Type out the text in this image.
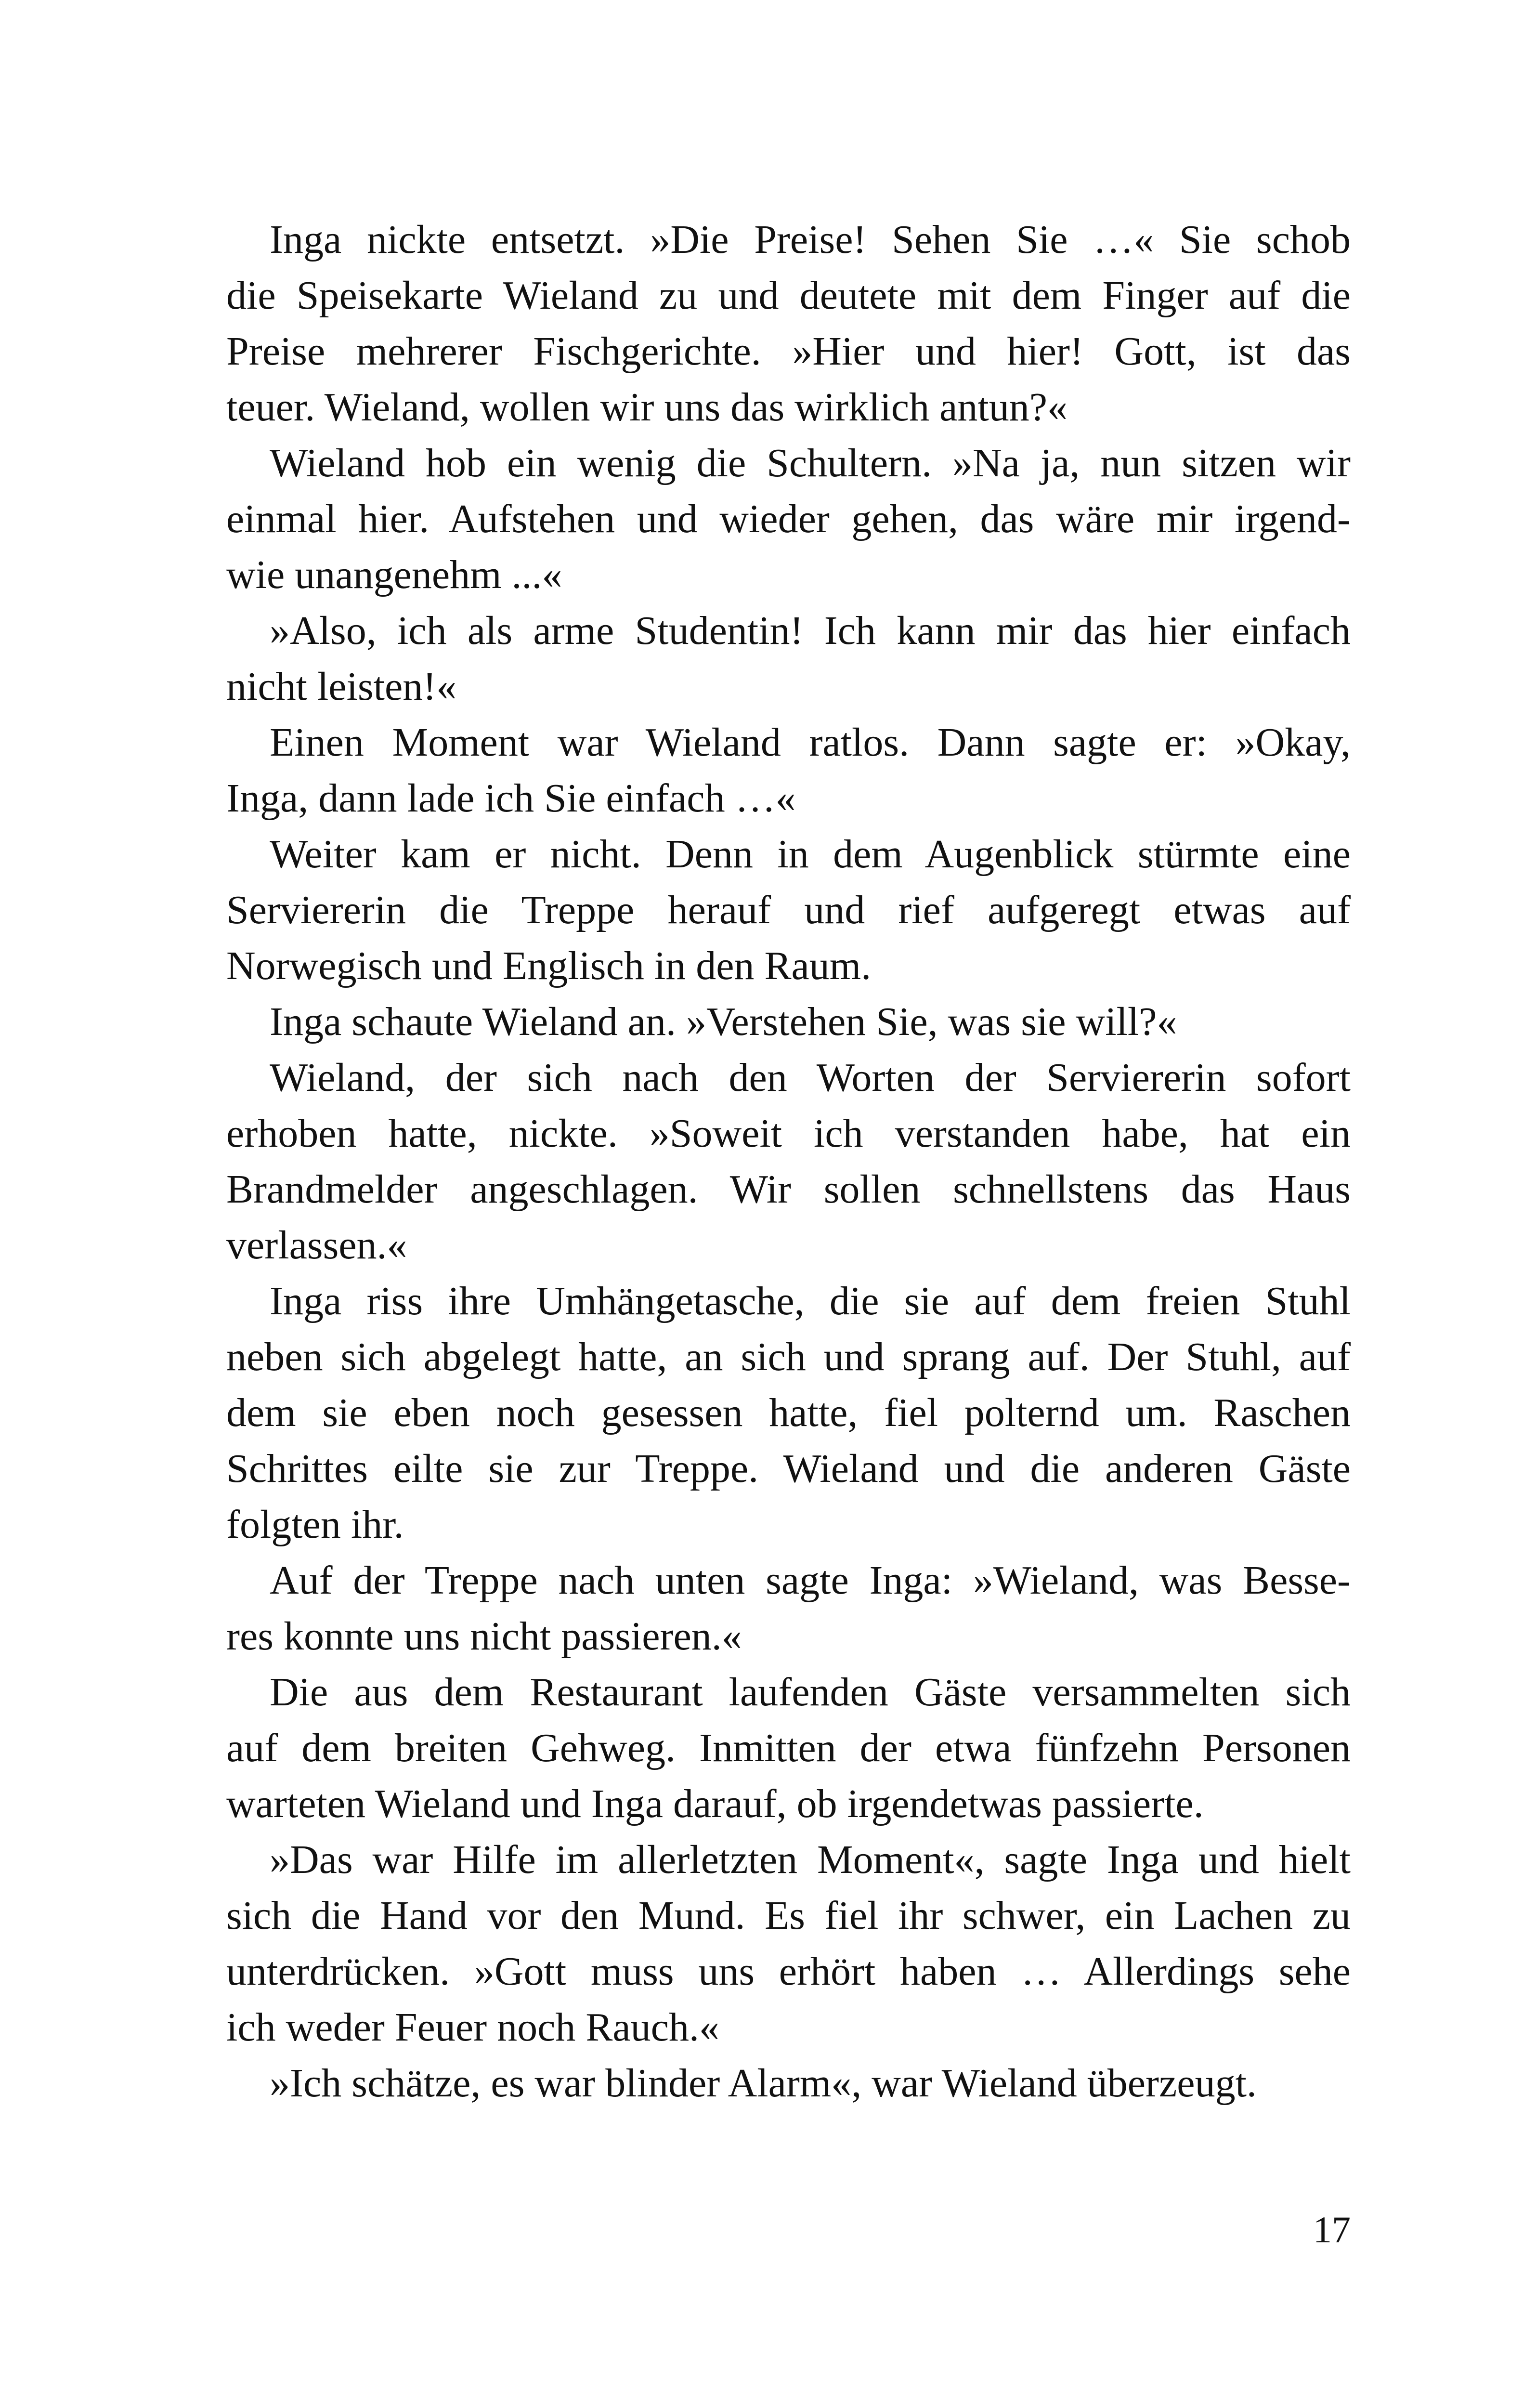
Inga nickte entsetzt. »Die Preise! Sehen Sie …« Sie schob
die Speisekarte Wieland zu und deutete mit dem Finger auf die
Preise mehrerer Fischgerichte. »Hier und hier! Gott, ist das
teuer. Wieland, wollen wir uns das wirklich antun?«
Wieland hob ein wenig die Schultern. »Na ja, nun sitzen wir
einmal hier. Aufstehen und wieder gehen, das wäre mir irgend-
wie unangenehm ...«
»Also, ich als arme Studentin! Ich kann mir das hier einfach
nicht leisten!«
Einen Moment war Wieland ratlos. Dann sagte er: »Okay,
Inga, dann lade ich Sie einfach …«
Weiter kam er nicht. Denn in dem Augenblick stürmte eine
Serviererin die Treppe herauf und rief aufgeregt etwas auf
Norwegisch und Englisch in den Raum.
Inga schaute Wieland an. »Verstehen Sie, was sie will?«
Wieland, der sich nach den Worten der Serviererin sofort
erhoben hatte, nickte. »Soweit ich verstanden habe, hat ein
Brandmelder angeschlagen. Wir sollen schnellstens das Haus
verlassen.«
Inga riss ihre Umhängetasche, die sie auf dem freien Stuhl
neben sich abgelegt hatte, an sich und sprang auf. Der Stuhl, auf
dem sie eben noch gesessen hatte, fiel polternd um. Raschen
Schrittes eilte sie zur Treppe. Wieland und die anderen Gäste
folgten ihr.
Auf der Treppe nach unten sagte Inga: »Wieland, was Besse-
res konnte uns nicht passieren.«
Die aus dem Restaurant laufenden Gäste versammelten sich
auf dem breiten Gehweg. Inmitten der etwa fünfzehn Personen
warteten Wieland und Inga darauf, ob irgendetwas passierte.
»Das war Hilfe im allerletzten Moment«, sagte Inga und hielt
sich die Hand vor den Mund. Es fiel ihr schwer, ein Lachen zu
unterdrücken. »Gott muss uns erhört haben … Allerdings sehe
ich weder Feuer noch Rauch.«
»Ich schätze, es war blinder Alarm«, war Wieland überzeugt.
17
